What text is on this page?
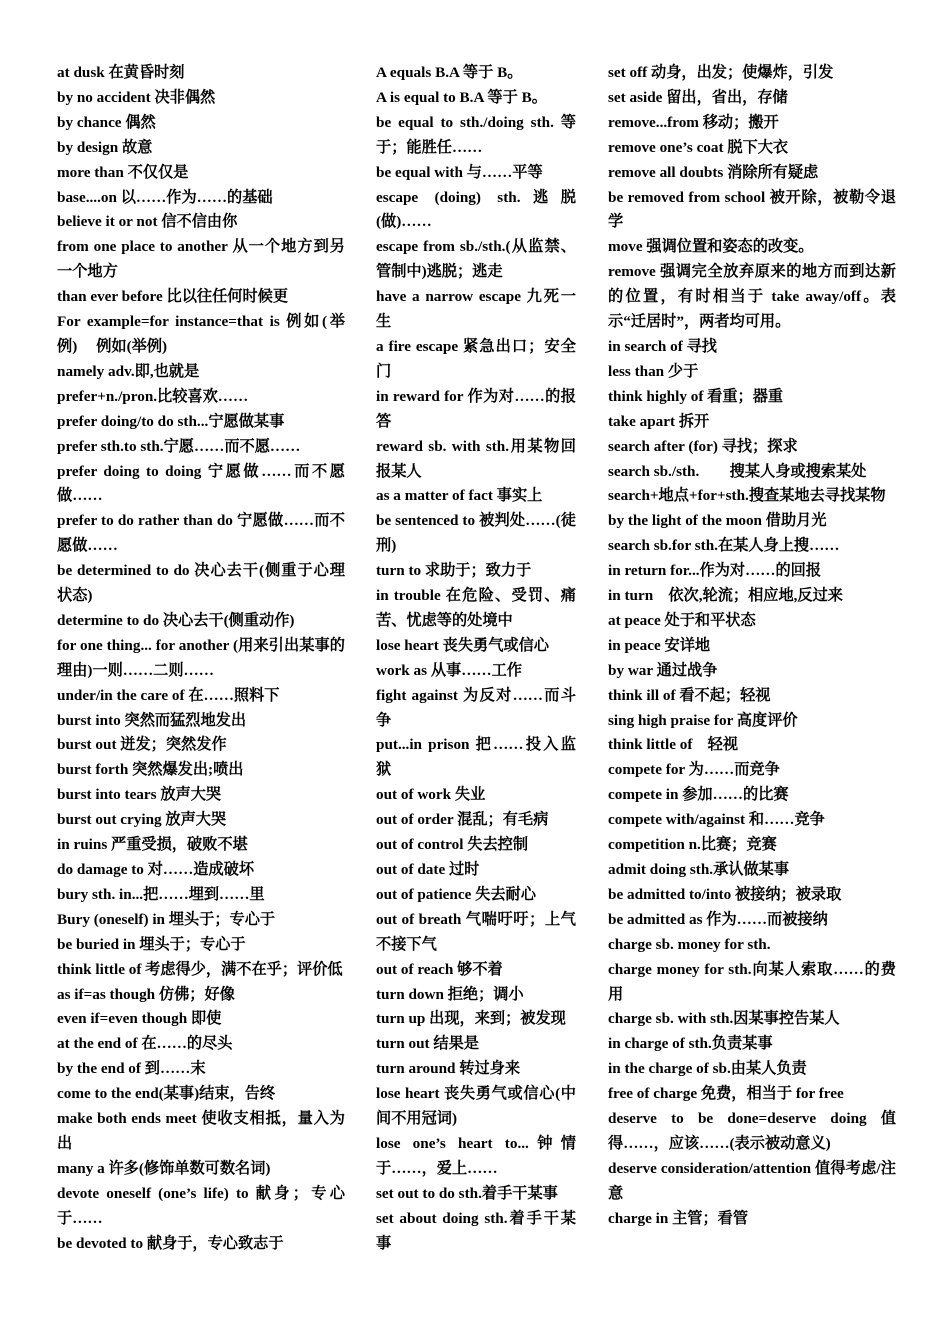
at dusk 在黄昏时刻

by no accident 决非偶然

by chance 偶然

by design 故意

more than 不仅仅是

base....on 以……作为……的基础

believe it or not 信不信由你

from one place to another 从一个地方到另一个地方

than ever before 比以往任何时候更

For example=for instance=that is 例如(举例)　 例如(举例)

namely adv.即,也就是

prefer+n./pron.比较喜欢……

prefer doing/to do sth...宁愿做某事

prefer sth.to sth.宁愿……而不愿……

prefer doing to doing 宁愿做……而不愿做……

prefer to do rather than do 宁愿做……而不愿做……

be determined to do 决心去干(侧重于心理状态)

determine to do 决心去干(侧重动作)

for one thing... for another (用来引出某事的理由)一则……二则……

under/in the care of 在……照料下

burst into 突然而猛烈地发出

burst out 迸发；突然发作

burst forth 突然爆发出;喷出

burst into tears 放声大哭

burst out crying 放声大哭

in ruins 严重受损，破败不堪

do damage to 对……造成破坏

bury sth. in...把……埋到……里

Bury (oneself) in 埋头于；专心于

be buried in 埋头于；专心于

think little of 考虑得少，满不在乎；评价低

as if=as though 仿佛；好像

even if=even though 即使

at the end of 在……的尽头

by the end of 到……末

come to the end(某事)结束，告终

make both ends meet 使收支相抵，量入为出

many a 许多(修饰单数可数名词)

devote oneself (one’s life) to 献身；专心于……

be devoted to 献身于，专心致志于

A equals B.A 等于 B。

A is equal to B.A 等于 B。

be equal to sth./doing sth. 等于；能胜任……

be equal with 与……平等

escape (doing) sth.逃脱(做)……

escape from sb./sth.(从监禁、管制中)逃脱；逃走

have a narrow escape 九死一生

a fire escape 紧急出口；安全门

in reward for 作为对……的报答

reward sb. with sth.用某物回报某人

as a matter of fact 事实上

be sentenced to 被判处……(徒刑)

turn to 求助于；致力于

in trouble 在危险、受罚、痛苦、忧虑等的处境中

lose heart 丧失勇气或信心

work as 从事……工作

fight against 为反对……而斗争

put...in prison 把……投入监狱

out of work 失业

out of order 混乱；有毛病

out of control 失去控制

out of date 过时

out of patience 失去耐心

out of breath 气喘吁吁；上气不接下气

out of reach 够不着

turn down 拒绝；调小

turn up 出现，来到；被发现

turn out 结果是

turn around 转过身来

lose heart 丧失勇气或信心(中间不用冠词)

lose one’s heart to...钟情于……，爱上……

set out to do sth.着手干某事

set about doing sth.着手干某事

set off 动身，出发；使爆炸，引发

set aside 留出，省出，存储

remove...from 移动；搬开

remove one’s coat 脱下大衣

remove all doubts 消除所有疑虑

be removed from school 被开除，被勒令退学

move 强调位置和姿态的改变。

remove 强调完全放弃原来的地方而到达新的位置，有时相当于 take away/off。表示“迁居时”，两者均可用。

in search of 寻找

less than 少于

think highly of 看重；器重

take apart 拆开

search after (for) 寻找；探求

search sb./sth.　　搜某人身或搜索某处

search+地点+for+sth.搜查某地去寻找某物

by the light of the moon 借助月光

search sb.for sth.在某人身上搜……

in return for...作为对……的回报

in turn　依次,轮流；相应地,反过来

at peace 处于和平状态

in peace 安详地

by war 通过战争

think ill of 看不起；轻视

sing high praise for 高度评价

think little of　轻视

compete for 为……而竞争

compete in 参加……的比赛

compete with/against 和……竞争

competition n.比赛；竞赛

admit doing sth.承认做某事

be admitted to/into 被接纳；被录取

be admitted as 作为……而被接纳

charge sb. money for sth.

charge money for sth.向某人索取……的费用

charge sb. with sth.因某事控告某人

in charge of sth.负责某事

in the charge of sb.由某人负责

free of charge 免费，相当于 for free

deserve to be done=deserve doing 值得……，应该……(表示被动意义)

deserve consideration/attention 值得考虑/注意

charge in 主管；看管
